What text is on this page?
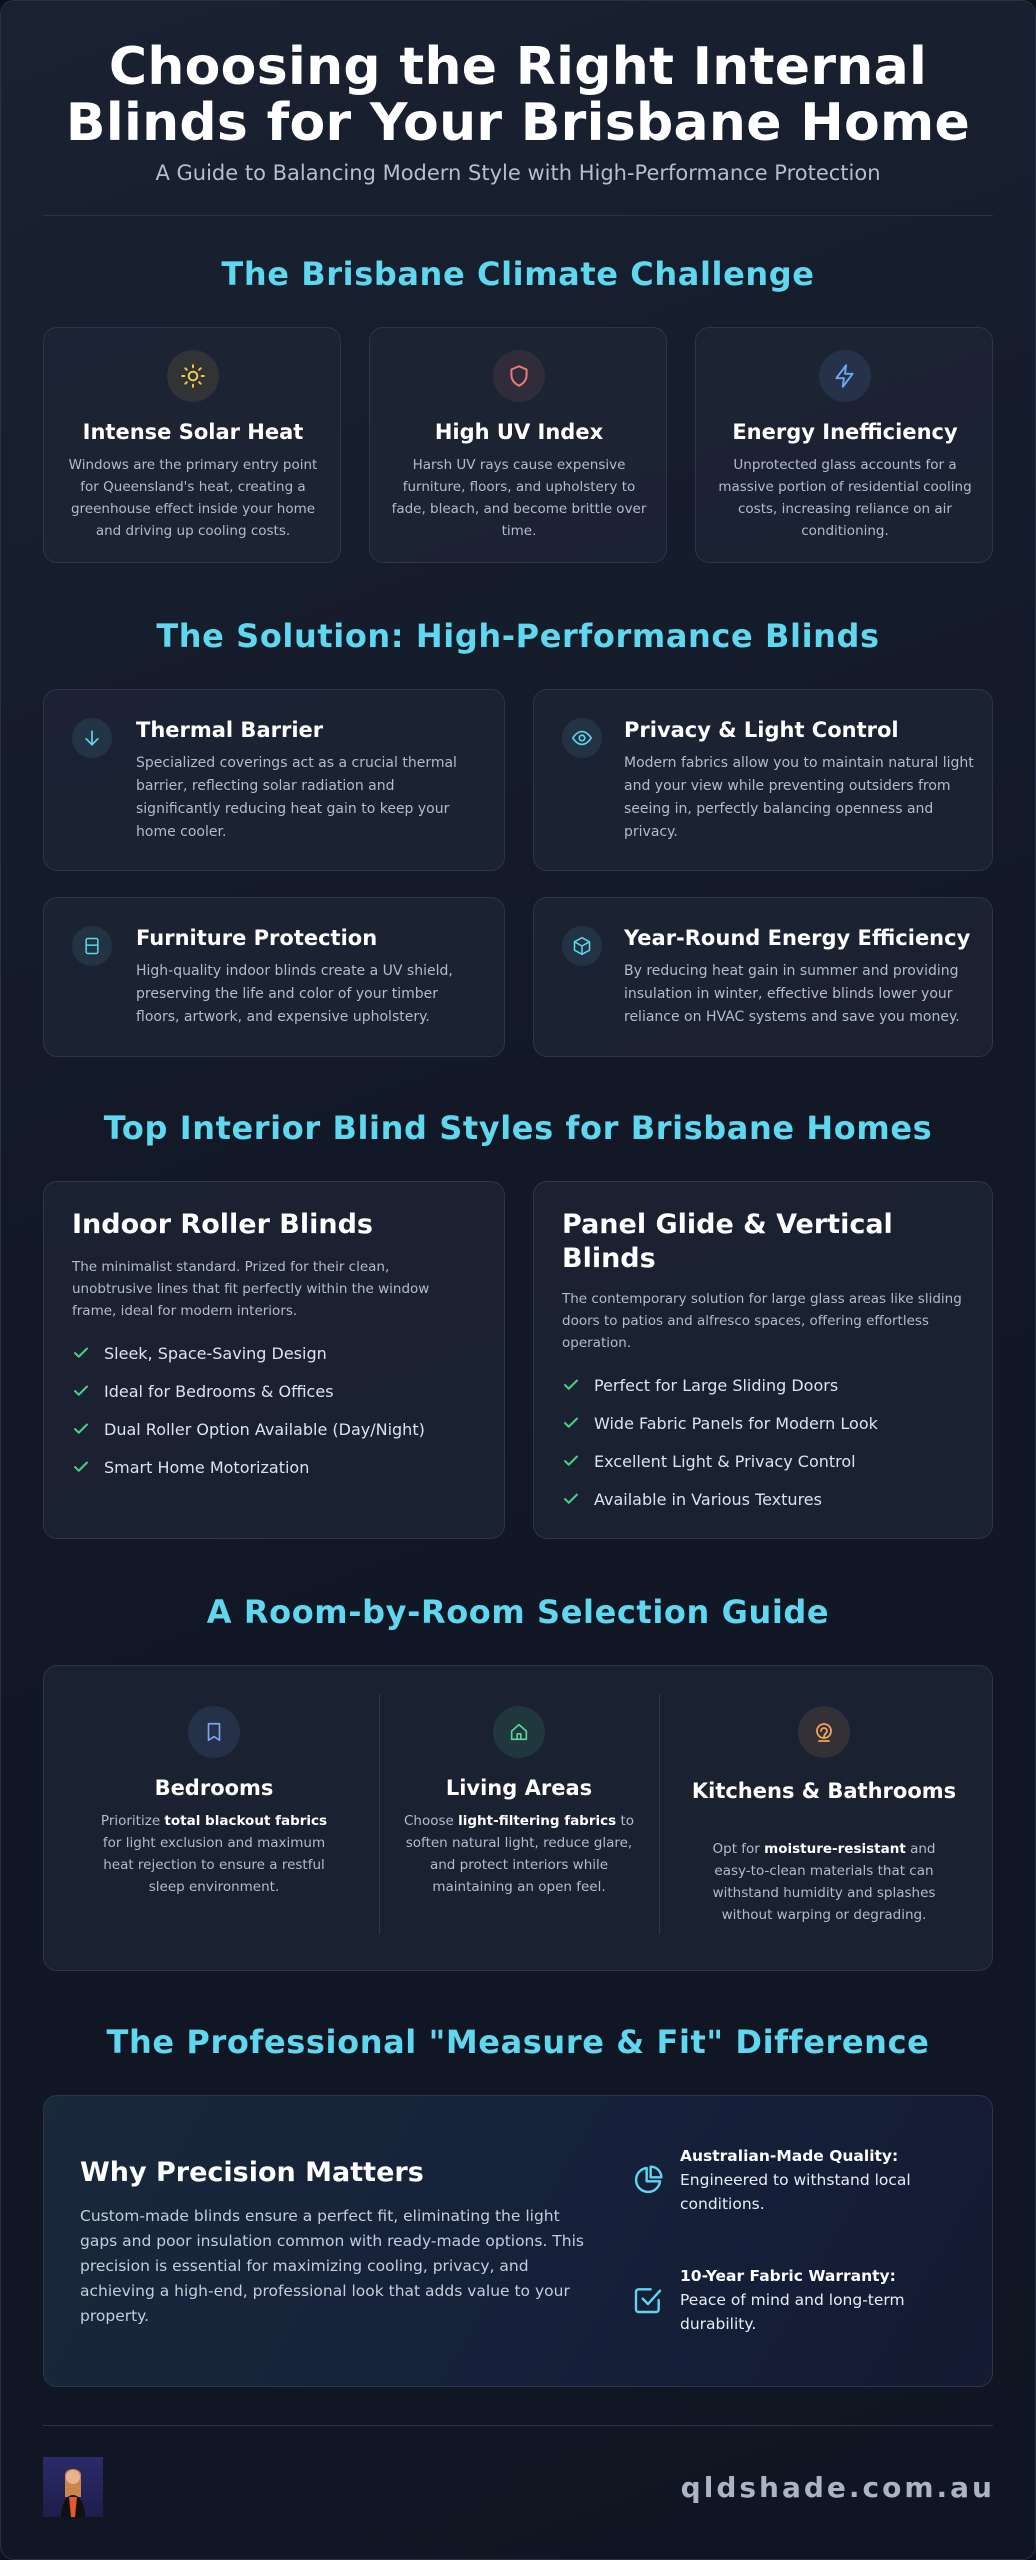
Choosing the Right Internal Blinds for Your Brisbane Home
A Guide to Balancing Modern Style with High-Performance Protection
The Brisbane Climate Challenge
Intense Solar Heat
Windows are the primary entry point for Queensland's heat, creating a greenhouse effect inside your home and driving up cooling costs.
High UV Index
Harsh UV rays cause expensive furniture, floors, and upholstery to fade, bleach, and become brittle over time.
Energy Inefficiency
Unprotected glass accounts for a massive portion of residential cooling costs, increasing reliance on air conditioning.
The Solution: High-Performance Blinds
Thermal Barrier
Specialized coverings act as a crucial thermal barrier, reflecting solar radiation and significantly reducing heat gain to keep your home cooler.
Privacy & Light Control
Modern fabrics allow you to maintain natural light and your view while preventing outsiders from seeing in, perfectly balancing openness and privacy.
Furniture Protection
High-quality indoor blinds create a UV shield, preserving the life and color of your timber floors, artwork, and expensive upholstery.
Year-Round Energy Efficiency
By reducing heat gain in summer and providing insulation in winter, effective blinds lower your reliance on HVAC systems and save you money.
Top Interior Blind Styles for Brisbane Homes
Indoor Roller Blinds
The minimalist standard. Prized for their clean, unobtrusive lines that fit perfectly within the window frame, ideal for modern interiors.
Sleek, Space-Saving Design
Ideal for Bedrooms & Offices
Dual Roller Option Available (Day/Night)
Smart Home Motorization
Panel Glide & Vertical Blinds
The contemporary solution for large glass areas like sliding doors to patios and alfresco spaces, offering effortless operation.
Perfect for Large Sliding Doors
Wide Fabric Panels for Modern Look
Excellent Light & Privacy Control
Available in Various Textures
A Room-by-Room Selection Guide
Bedrooms
Prioritize total blackout fabrics for light exclusion and maximum heat rejection to ensure a restful sleep environment.
Living Areas
Choose light-filtering fabrics to soften natural light, reduce glare, and protect interiors while maintaining an open feel.
Kitchens & Bathrooms
Opt for moisture-resistant and easy-to-clean materials that can withstand humidity and splashes without warping or degrading.
The Professional "Measure & Fit" Difference
Why Precision Matters
Custom-made blinds ensure a perfect fit, eliminating the light gaps and poor insulation common with ready-made options. This precision is essential for maximizing cooling, privacy, and achieving a high-end, professional look that adds value to your property.
Australian-Made Quality:
Engineered to withstand local conditions.
10-Year Fabric Warranty:
Peace of mind and long-term durability.
qldshade.com.au
